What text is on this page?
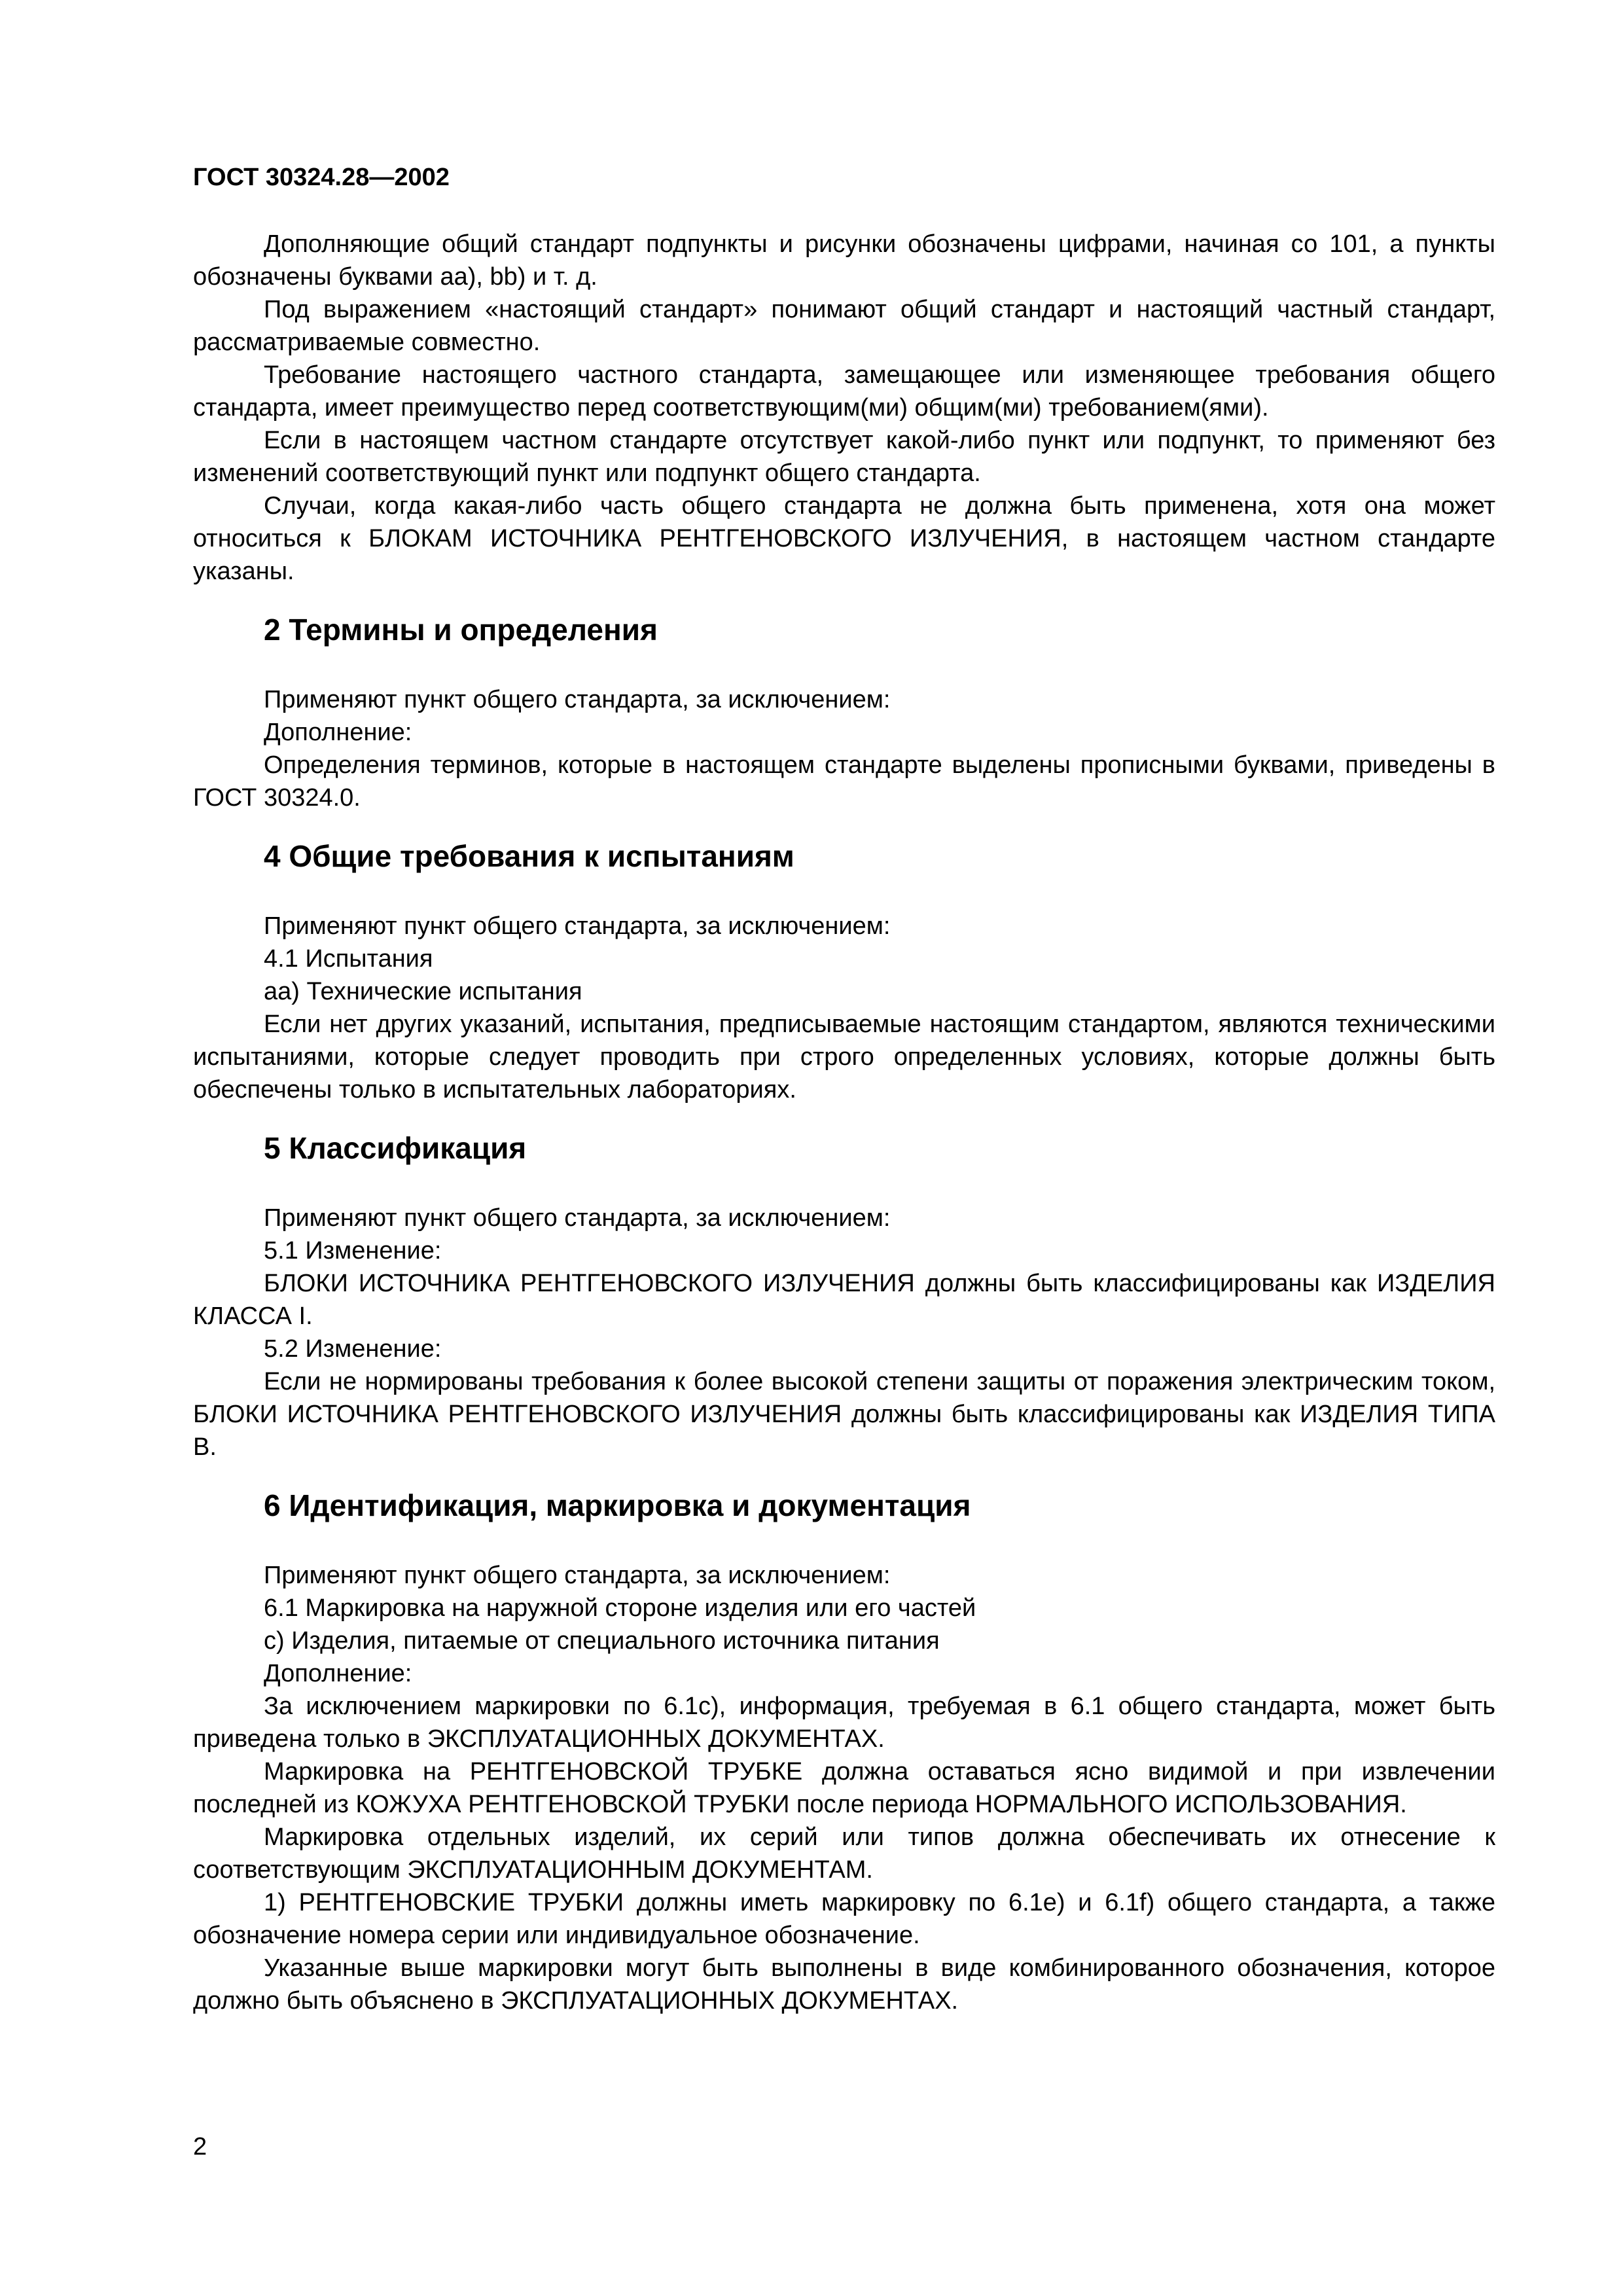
ГОСТ 30324.28—2002

Дополняющие общий стандарт подпункты и рисунки обозначены цифрами, начиная со 101, а пункты обозначены буквами аа), bb) и т. д.

Под выражением «настоящий стандарт» понимают общий стандарт и настоящий частный стандарт, рассматриваемые совместно.

Требование настоящего частного стандарта, замещающее или изменяющее требования общего стандарта, имеет преимущество перед соответствующим(ми) общим(ми) требованием(ями).

Если в настоящем частном стандарте отсутствует какой-либо пункт или подпункт, то применяют без изменений соответствующий пункт или подпункт общего стандарта.

Случаи, когда какая-либо часть общего стандарта не должна быть применена, хотя она может относиться к БЛОКАМ ИСТОЧНИКА РЕНТГЕНОВСКОГО ИЗЛУЧЕНИЯ, в настоящем частном стандарте указаны.

2 Термины и определения

Применяют пункт общего стандарта, за исключением:

Дополнение:

Определения терминов, которые в настоящем стандарте выделены прописными буквами, приведены в ГОСТ 30324.0.

4 Общие требования к испытаниям

Применяют пункт общего стандарта, за исключением:

4.1 Испытания

аа) Технические испытания

Если нет других указаний, испытания, предписываемые настоящим стандартом, являются техническими испытаниями, которые следует проводить при строго определенных условиях, которые должны быть обеспечены только в испытательных лабораториях.

5 Классификация

Применяют пункт общего стандарта, за исключением:

5.1 Изменение:

БЛОКИ ИСТОЧНИКА РЕНТГЕНОВСКОГО ИЗЛУЧЕНИЯ должны быть классифицированы как ИЗДЕЛИЯ КЛАССА I.

5.2 Изменение:

Если не нормированы требования к более высокой степени защиты от поражения электрическим током, БЛОКИ ИСТОЧНИКА РЕНТГЕНОВСКОГО ИЗЛУЧЕНИЯ должны быть классифицированы как ИЗДЕЛИЯ ТИПА В.

6 Идентификация, маркировка и документация

Применяют пункт общего стандарта, за исключением:

6.1 Маркировка на наружной стороне изделия или его частей

с) Изделия, питаемые от специального источника питания

Дополнение:

За исключением маркировки по 6.1с), информация, требуемая в 6.1 общего стандарта, может быть приведена только в ЭКСПЛУАТАЦИОННЫХ ДОКУМЕНТАХ.

Маркировка на РЕНТГЕНОВСКОЙ ТРУБКЕ должна оставаться ясно видимой и при извлечении последней из КОЖУХА РЕНТГЕНОВСКОЙ ТРУБКИ после периода НОРМАЛЬНОГО ИСПОЛЬЗОВАНИЯ.

Маркировка отдельных изделий, их серий или типов должна обеспечивать их отнесение к соответствующим ЭКСПЛУАТАЦИОННЫМ ДОКУМЕНТАМ.

1) РЕНТГЕНОВСКИЕ ТРУБКИ должны иметь маркировку по 6.1е) и 6.1f) общего стандарта, а также обозначение номера серии или индивидуальное обозначение.

Указанные выше маркировки могут быть выполнены в виде комбинированного обозначения, которое должно быть объяснено в ЭКСПЛУАТАЦИОННЫХ ДОКУМЕНТАХ.

2
